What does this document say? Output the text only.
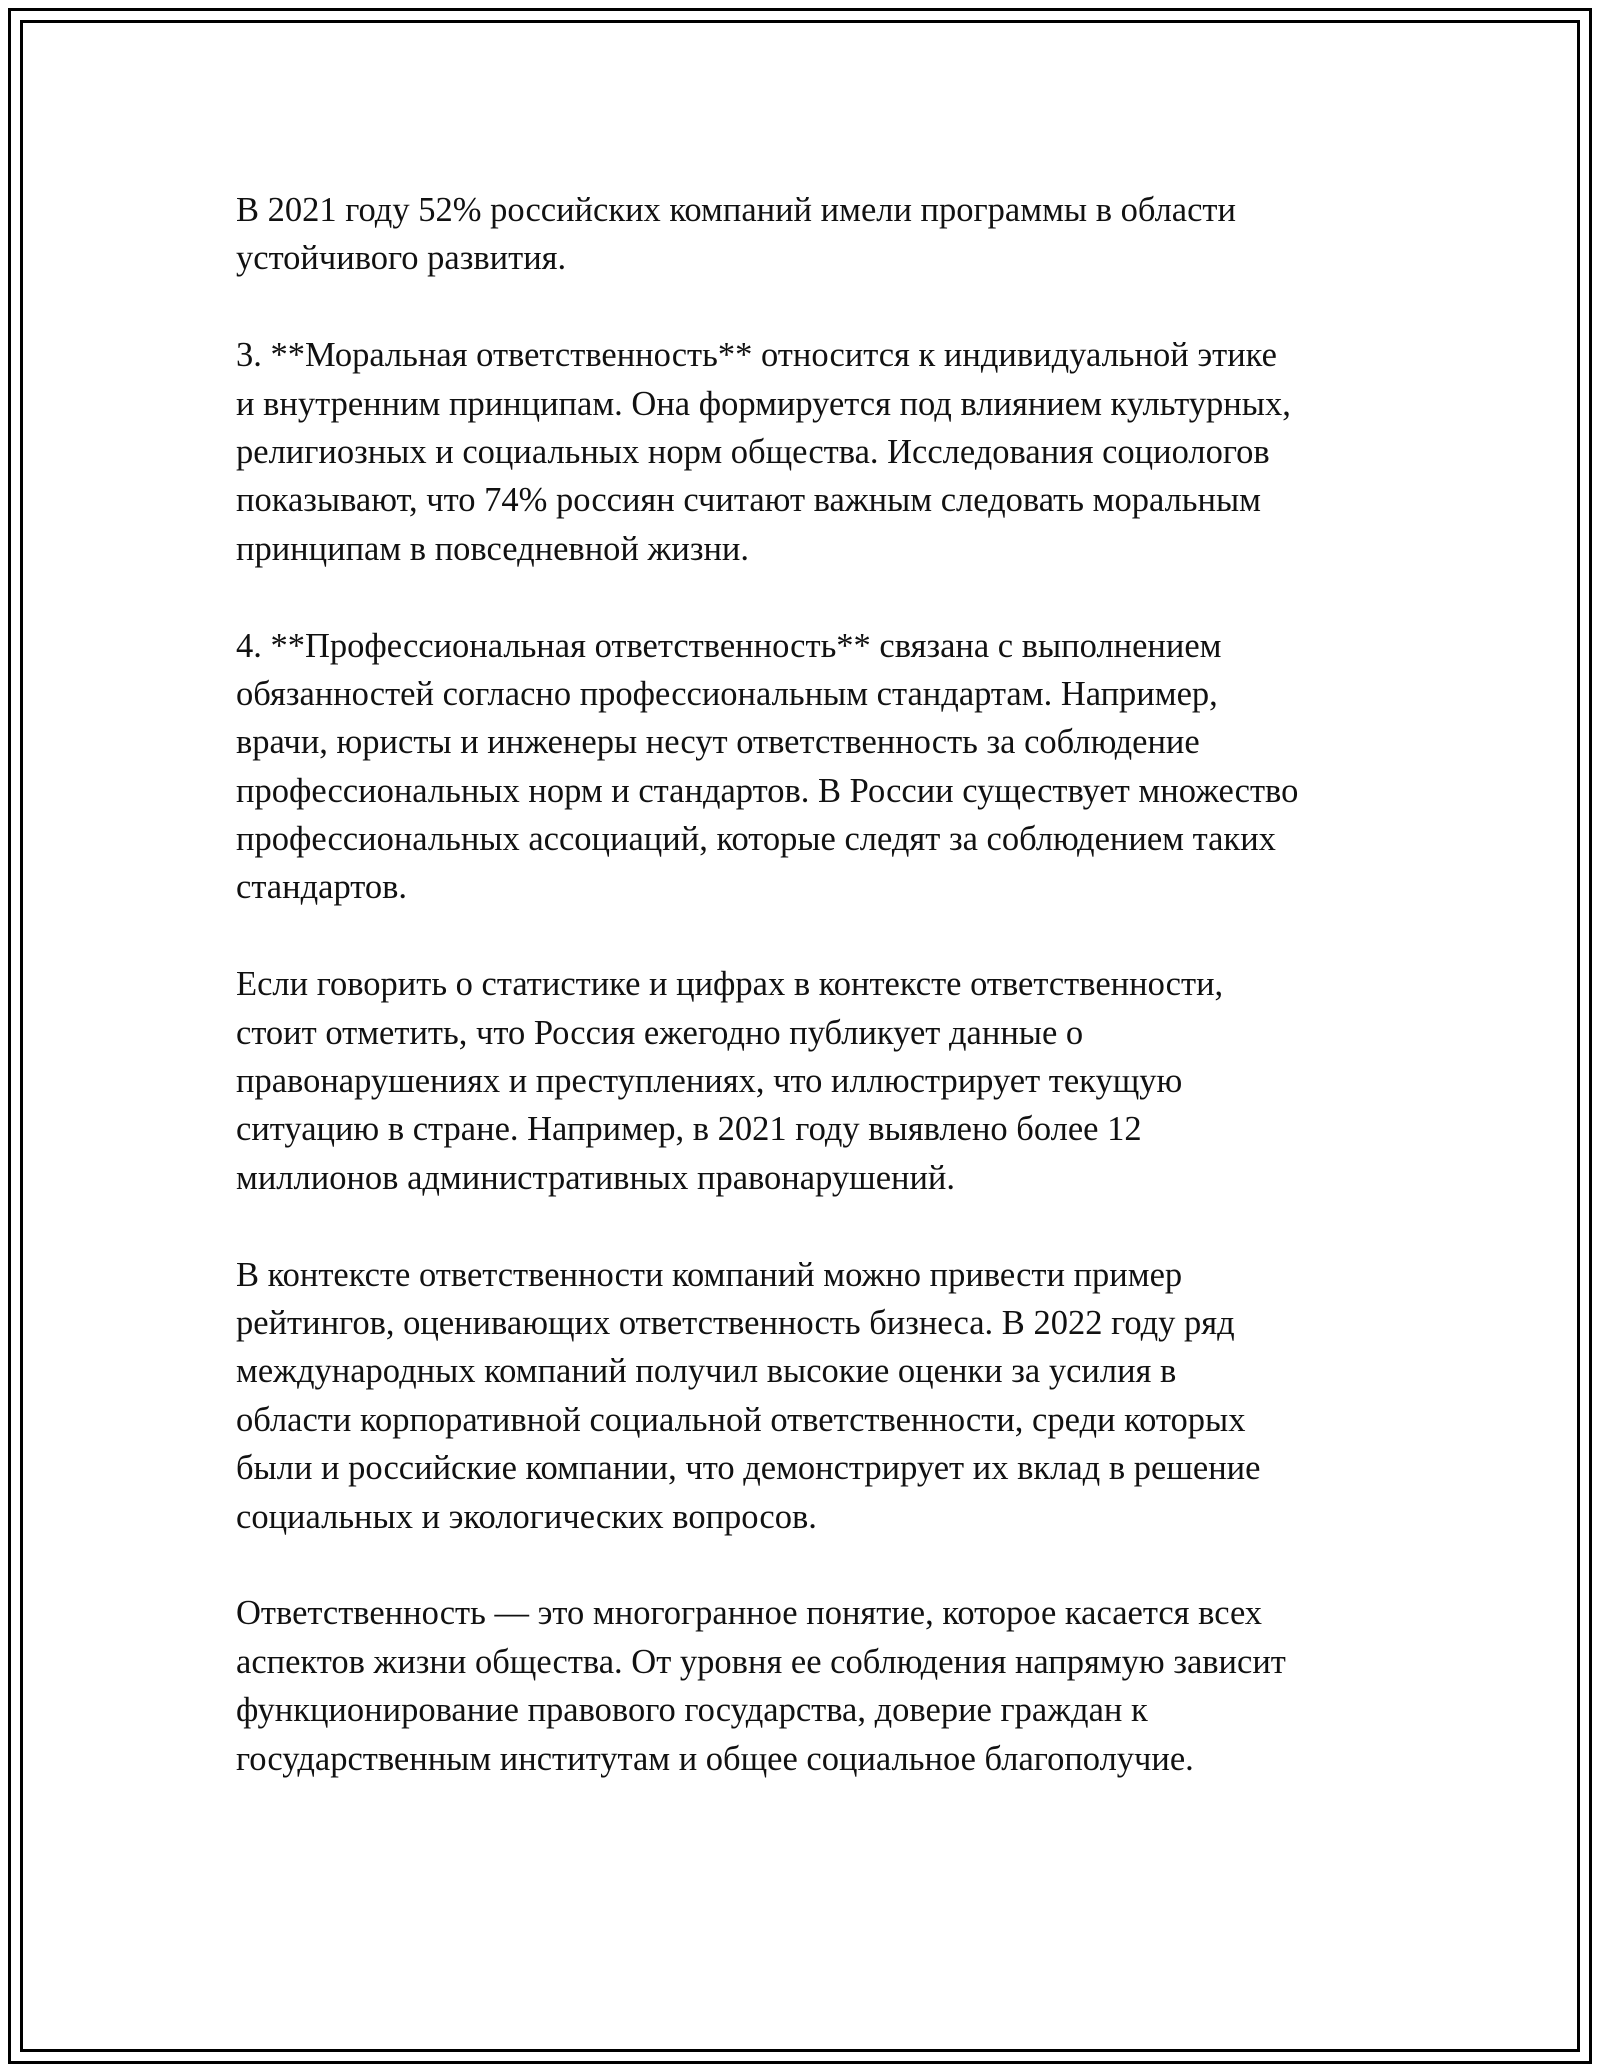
В 2021 году 52% российских компаний имели программы в области
устойчивого развития.
3. **Моральная ответственность** относится к индивидуальной этике
и внутренним принципам. Она формируется под влиянием культурных,
религиозных и социальных норм общества. Исследования социологов
показывают, что 74% россиян считают важным следовать моральным
принципам в повседневной жизни.
4. **Профессиональная ответственность** связана с выполнением
обязанностей согласно профессиональным стандартам. Например,
врачи, юристы и инженеры несут ответственность за соблюдение
профессиональных норм и стандартов. В России существует множество
профессиональных ассоциаций, которые следят за соблюдением таких
стандартов.
Если говорить о статистике и цифрах в контексте ответственности,
стоит отметить, что Россия ежегодно публикует данные о
правонарушениях и преступлениях, что иллюстрирует текущую
ситуацию в стране. Например, в 2021 году выявлено более 12
миллионов административных правонарушений.
В контексте ответственности компаний можно привести пример
рейтингов, оценивающих ответственность бизнеса. В 2022 году ряд
международных компаний получил высокие оценки за усилия в
области корпоративной социальной ответственности, среди которых
были и российские компании, что демонстрирует их вклад в решение
социальных и экологических вопросов.
Ответственность — это многогранное понятие, которое касается всех
аспектов жизни общества. От уровня ее соблюдения напрямую зависит
функционирование правового государства, доверие граждан к
государственным институтам и общее социальное благополучие.
